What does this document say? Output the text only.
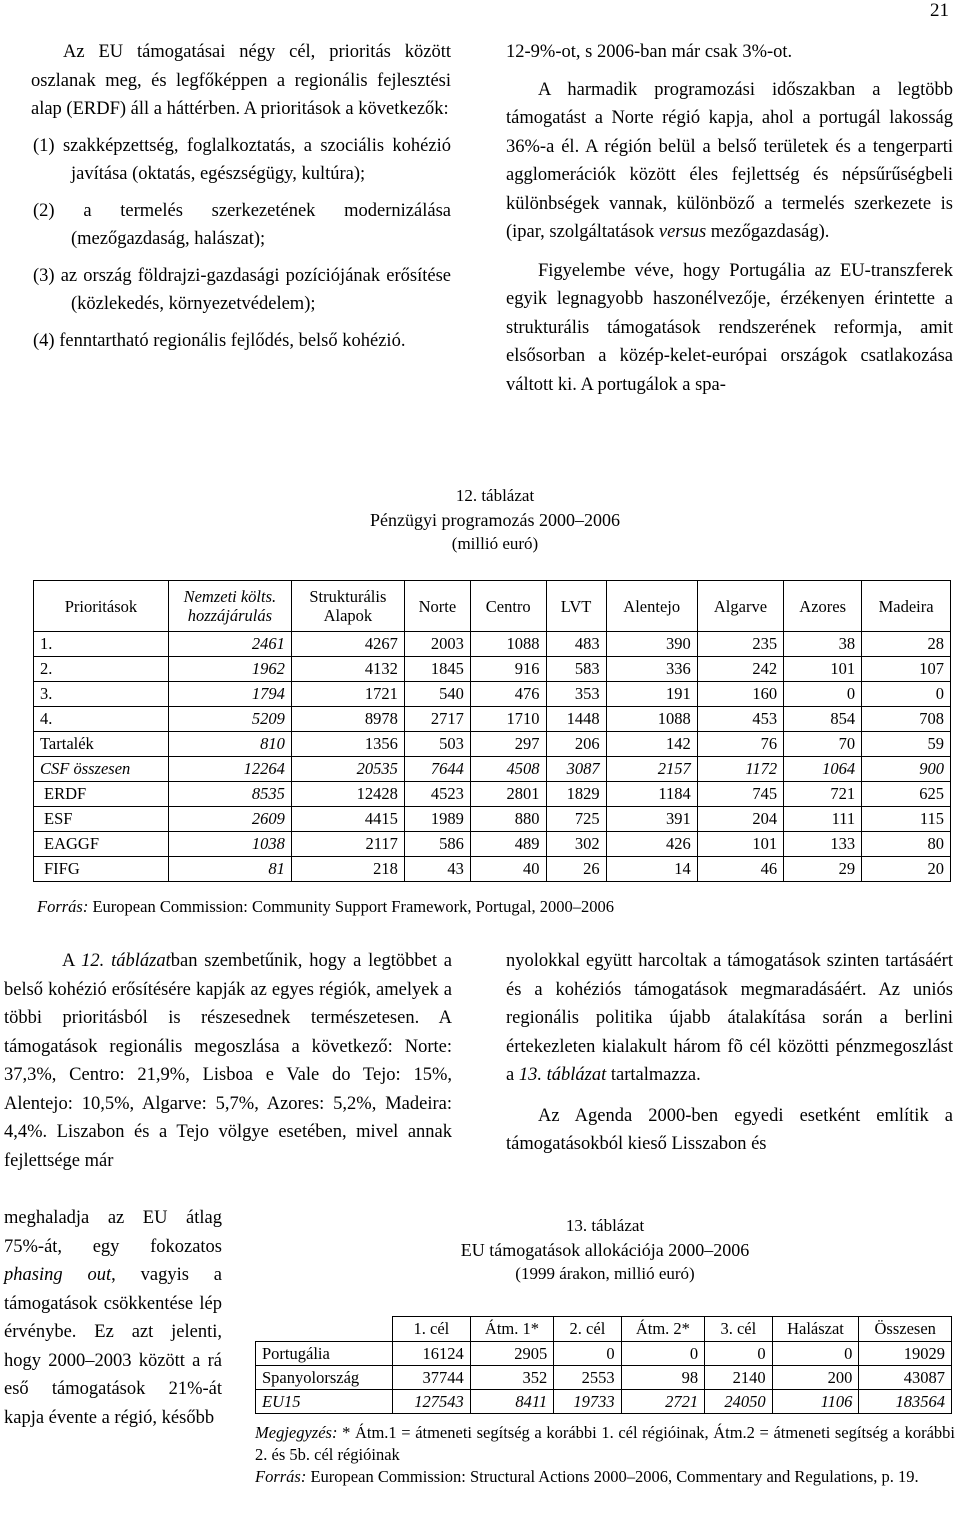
21

Az EU támogatásai négy cél, prioritás között oszlanak meg, és legfőképpen a regionális fejlesztési alap (ERDF) áll a háttérben. A prioritások a következők:

(1) szakképzettség, foglalkoztatás, a szociális kohézió javítása (oktatás, egészségügy, kultúra);

(2) a termelés szerkezetének modernizálása (mezőgazdaság, halászat);

(3) az ország földrajzi-gazdasági pozíciójának erősítése (közlekedés, környezetvédelem);

(4) fenntartható regionális fejlődés, belső kohézió.

12-9%-ot, s 2006-ban már csak 3%-ot.

A harmadik programozási időszakban a legtöbb támogatást a Norte régió kapja, ahol a portugál lakosság 36%-a él. A régión belül a belső területek és a tengerparti agglomerációk között éles fejlettség és népsűrűségbeli különbségek vannak, különböző a termelés szerkezete is (ipar, szolgáltatások versus mezőgazdaság).

Figyelembe véve, hogy Portugália az EU-transzferek egyik legnagyobb haszonélvezője, érzékenyen érintette a strukturális támogatások rendszerének reformja, amit elsősorban a közép-kelet-európai országok csatlakozása váltott ki. A portugálok a spa-

12. táblázat
Pénzügyi programozás 2000–2006
(millió euró)
Prioritások	Nemzeti költs. hozzájárulás	Strukturális Alapok	Norte	Centro	LVT	Alentejo	Algarve	Azores	Madeira
1.	2461	4267	2003	1088	483	390	235	38	28
2.	1962	4132	1845	916	583	336	242	101	107
3.	1794	1721	540	476	353	191	160	0	0
4.	5209	8978	2717	1710	1448	1088	453	854	708
Tartalék	810	1356	503	297	206	142	76	70	59
CSF összesen	12264	20535	7644	4508	3087	2157	1172	1064	900
ERDF	8535	12428	4523	2801	1829	1184	745	721	625
ESF	2609	4415	1989	880	725	391	204	111	115
EAGGF	1038	2117	586	489	302	426	101	133	80
FIFG	81	218	43	40	26	14	46	29	20
Forrás: European Commission: Community Support Framework, Portugal, 2000–2006

A 12. táblázatban szembetűnik, hogy a legtöbbet a belső kohézió erősítésére kapják az egyes régiók, amelyek a többi prioritásból is részesednek természetesen. A támogatások regionális megoszlása a következő: Norte: 37,3%, Centro: 21,9%, Lisboa e Vale do Tejo: 15%, Alentejo: 10,5%, Algarve: 5,7%, Azores: 5,2%, Madeira: 4,4%. Liszabon és a Tejo völgye esetében, mivel annak fejlettsége már

meghaladja az EU átlag 75%-át, egy fokozatos phasing out, vagyis a támogatások csökkentése lép érvénybe. Ez azt jelenti, hogy 2000–2003 között a rá eső támogatások 21%-át kapja évente a régió, később

nyolokkal együtt harcoltak a támogatások szinten tartásáért és a kohéziós támogatások megmaradásáért. Az uniós regionális politika újabb átalakítása során a berlini értekezleten kialakult három fõ cél közötti pénzmegoszlást a 13. táblázat tartalmazza.

Az Agenda 2000-ben egyedi esetként említik a támogatásokból kieső Lisszabon és

13. táblázat
EU támogatások allokációja 2000–2006
(1999 árakon, millió euró)
	1. cél	Átm. 1*	2. cél	Átm. 2*	3. cél	Halászat	Összesen
Portugália	16124	2905	0	0	0	0	19029
Spanyolország	37744	352	2553	98	2140	200	43087
EU15	127543	8411	19733	2721	24050	1106	183564

Megjegyzés: * Átm.1 = átmeneti segítség a korábbi 1. cél régióinak, Átm.2 = átmeneti segítség a korábbi 2. és 5b. cél régióinak

Forrás: European Commission: Structural Actions 2000–2006, Commentary and Regulations, p. 19.
